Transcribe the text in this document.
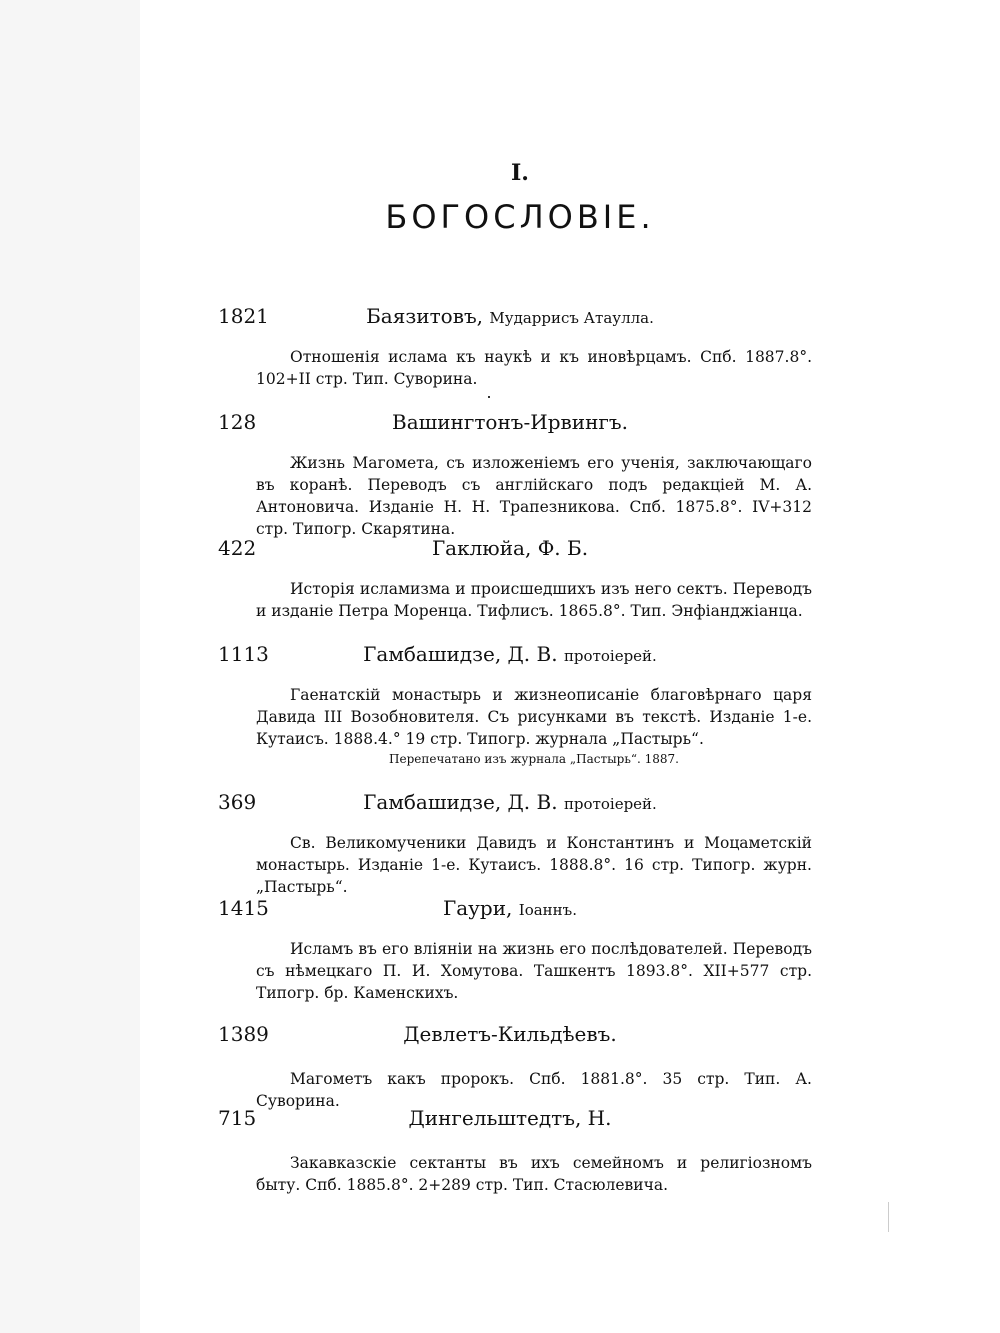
I.
БОГОСЛОВІЕ.
1821	Баязитовъ, Мударрисъ Атаулла.
Отношенія ислама къ наукѣ и къ иновѣрцамъ. Спб. 1887.8°. 102+II стр. Тип. Суворина.
128	Вашингтонъ-Ирвингъ.
Жизнь Магомета, съ изложеніемъ его ученія, заключающаго въ коранѣ. Переводъ съ англійскаго подъ редакціей М. А. Антоновича. Изданіе Н. Н. Трапезникова. Спб. 1875.8°. IV+312 стр. Типогр. Скарятина.
422	Гаклюйа, Ф. Б.
Исторія исламизма и происшедшихъ изъ него сектъ. Переводъ и изданіе Петра Моренца. Тифлисъ. 1865.8°. Тип. Энфіанджіанца.
1113	Гамбашидзе, Д. В. протоіерей.
Гаенатскій монастырь и жизнеописаніе благовѣрнаго царя Давида III Возобновителя. Съ рисунками въ текстѣ. Изданіе 1-е. Кутаисъ. 1888.4.° 19 стр. Типогр. журнала „Пастырь“.
Перепечатано изъ журнала „Пастырь“. 1887.
369	Гамбашидзе, Д. В. протоіерей.
Св. Великомученики Давидъ и Константинъ и Моцаметскій монастырь. Изданіе 1-е. Кутаисъ. 1888.8°. 16 стр. Типогр. журн. „Пастырь“.
1415	Гаури, Іоаннъ.
Исламъ въ его вліяніи на жизнь его послѣдователей. Переводъ съ нѣмецкаго П. И. Хомутова. Ташкентъ 1893.8°. XII+577 стр. Типогр. бр. Каменскихъ.
1389	Девлетъ-Кильдѣевъ.
Магометъ какъ пророкъ. Спб. 1881.8°. 35 стр. Тип. А. Суворина.
715	Дингельштедтъ, Н.
Закавказскіе сектанты въ ихъ семейномъ и религіозномъ быту. Спб. 1885.8°. 2+289 стр. Тип. Стасюлевича.
